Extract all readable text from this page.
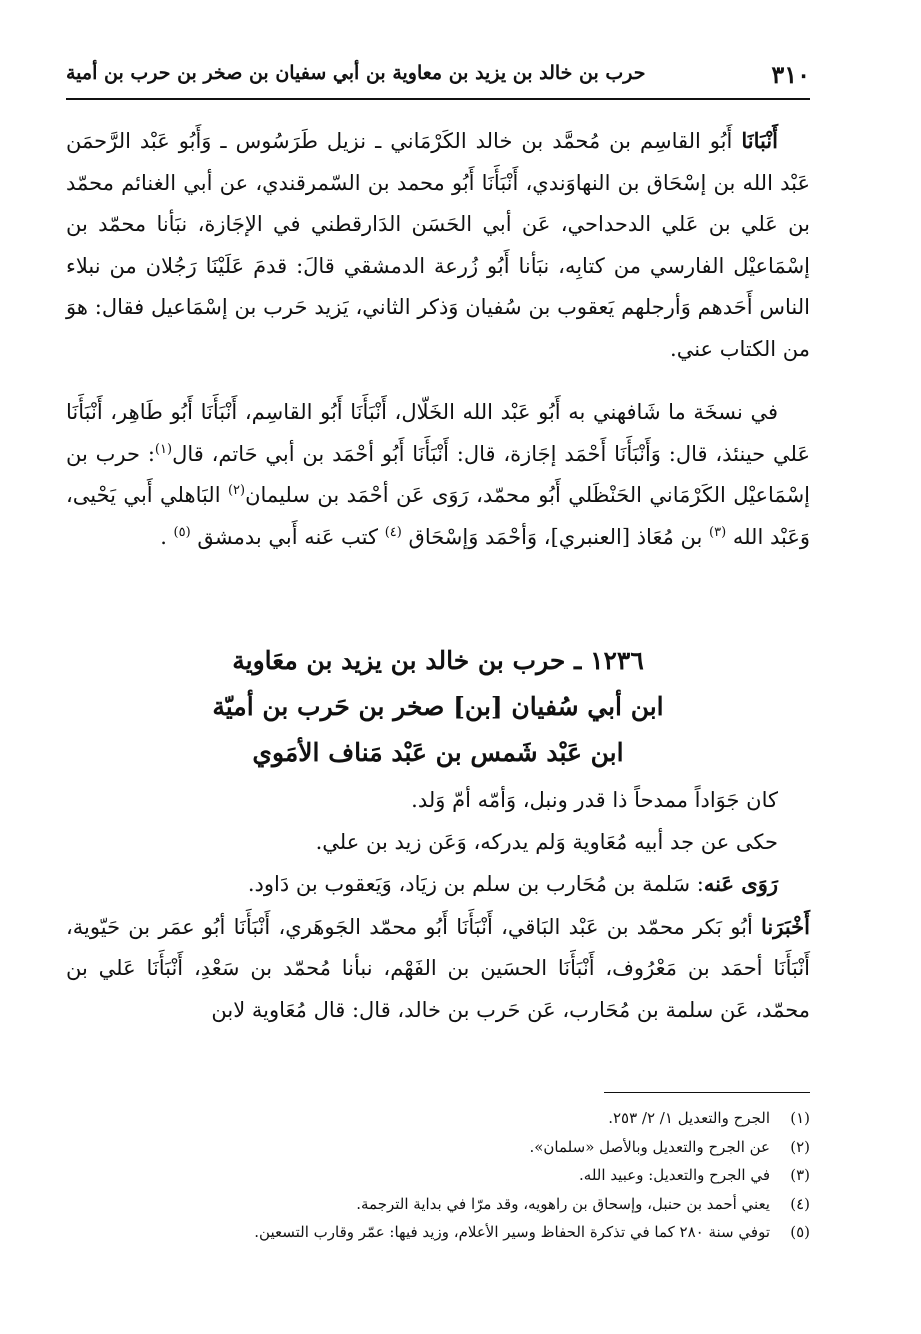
٣١٠
حرب بن خالد بن يزيد بن معاوية بن أبي سفيان بن صخر بن حرب بن أمية

أَنْبَانَا أَبُو القاسِم بن مُحمَّد بن خالد الكَرْمَاني ـ نزيل طَرَسُوس ـ وَأَبُو عَبْد الرَّحمَن عَبْد الله بن إسْحَاق بن النهاوَندي، أَنْبَأَنَا أَبُو محمد بن السّمرقندي، عن أبي الغنائم محمّد بن عَلي بن عَلي الدحداحي، عَن أبي الحَسَن الدَارقطني في الإجَازة، نبَأنا محمّد بن إسْمَاعيْل الفارسي من كتابِه، نبَأنا أَبُو زُرعة الدمشقي قالَ: قدمَ عَلَيْنَا رَجُلان من نبلاء الناس أَحَدهم وَأرجلهم يَعقوب بن سُفيان وَذكر الثاني، يَزيد حَرب بن إسْمَاعيل فقال: هوَ من الكتاب عني.

في نسخَة ما شَافهني به أَبُو عَبْد الله الخَلّال، أَنْبَأَنَا أَبُو القاسِم، أَنْبَأَنَا أَبُو طَاهِر، أَنْبَأَنَا عَلي حينئذ، قال: وَأَنْبَأَنَا أَحْمَد إجَازة، قال: أَنْبَأَنَا أَبُو أحْمَد بن أبي حَاتم، قال$^{(١)}$: حرب بن إسْمَاعيْل الكَرْمَاني الحَنْظَلي أَبُو محمّد، رَوَى عَن أحْمَد بن سليمان$^{(٢)}$ البَاهلي أَبي يَحْيى، وَعَبْد الله $^{(٣)}$ بن مُعَاذ [العنبري]، وَأحْمَد وَإسْحَاق $^{(٤)}$ كتب عَنه أَبي بدمشق $^{(٥)}$ .

١٢٣٦ ـ حرب بن خالد بن يزيد بن معَاوية
ابن أبي سُفيان [بن] صخر بن حَرب بن أميّة
ابن عَبْد شَمس بن عَبْد مَناف الأمَوي

كان جَوَاداً ممدحاً ذا قدر ونبل، وَأمّه أمّ وَلد.

حكى عن جد أبيه مُعَاوية وَلم يدركه، وَعَن زيد بن علي.

رَوَى عَنه: سَلمة بن مُحَارب بن سلم بن زيَاد، وَيَعقوب بن دَاود.

أَخْبَرَنا أبُو بَكر محمّد بن عَبْد البَاقي، أَنْبَأَنَا أَبُو محمّد الجَوهَري، أَنْبَأَنَا أبُو عمَر بن حَيّوية، أَنْبَأَنَا أحمَد بن مَعْرُوف، أَنْبَأَنَا الحسَين بن الفَهْم، نبأنا مُحمّد بن سَعْدِ، أَنْبَأَنَا عَلي بن محمّد، عَن سلمة بن مُحَارب، عَن حَرب بن خالد، قال: قال مُعَاوية لابن

(١)
الجرح والتعديل ١/ ٢/ ٢٥٣.
(٢)
عن الجرح والتعديل وبالأصل «سلمان».
(٣)
في الجرح والتعديل: وعبيد الله.
(٤)
يعني أحمد بن حنبل، وإسحاق بن راهويه، وقد مرّا في بداية الترجمة.
(٥)
توفي سنة ٢٨٠ كما في تذكرة الحفاظ وسير الأعلام، وزيد فيها: عمّر وقارب التسعين.
